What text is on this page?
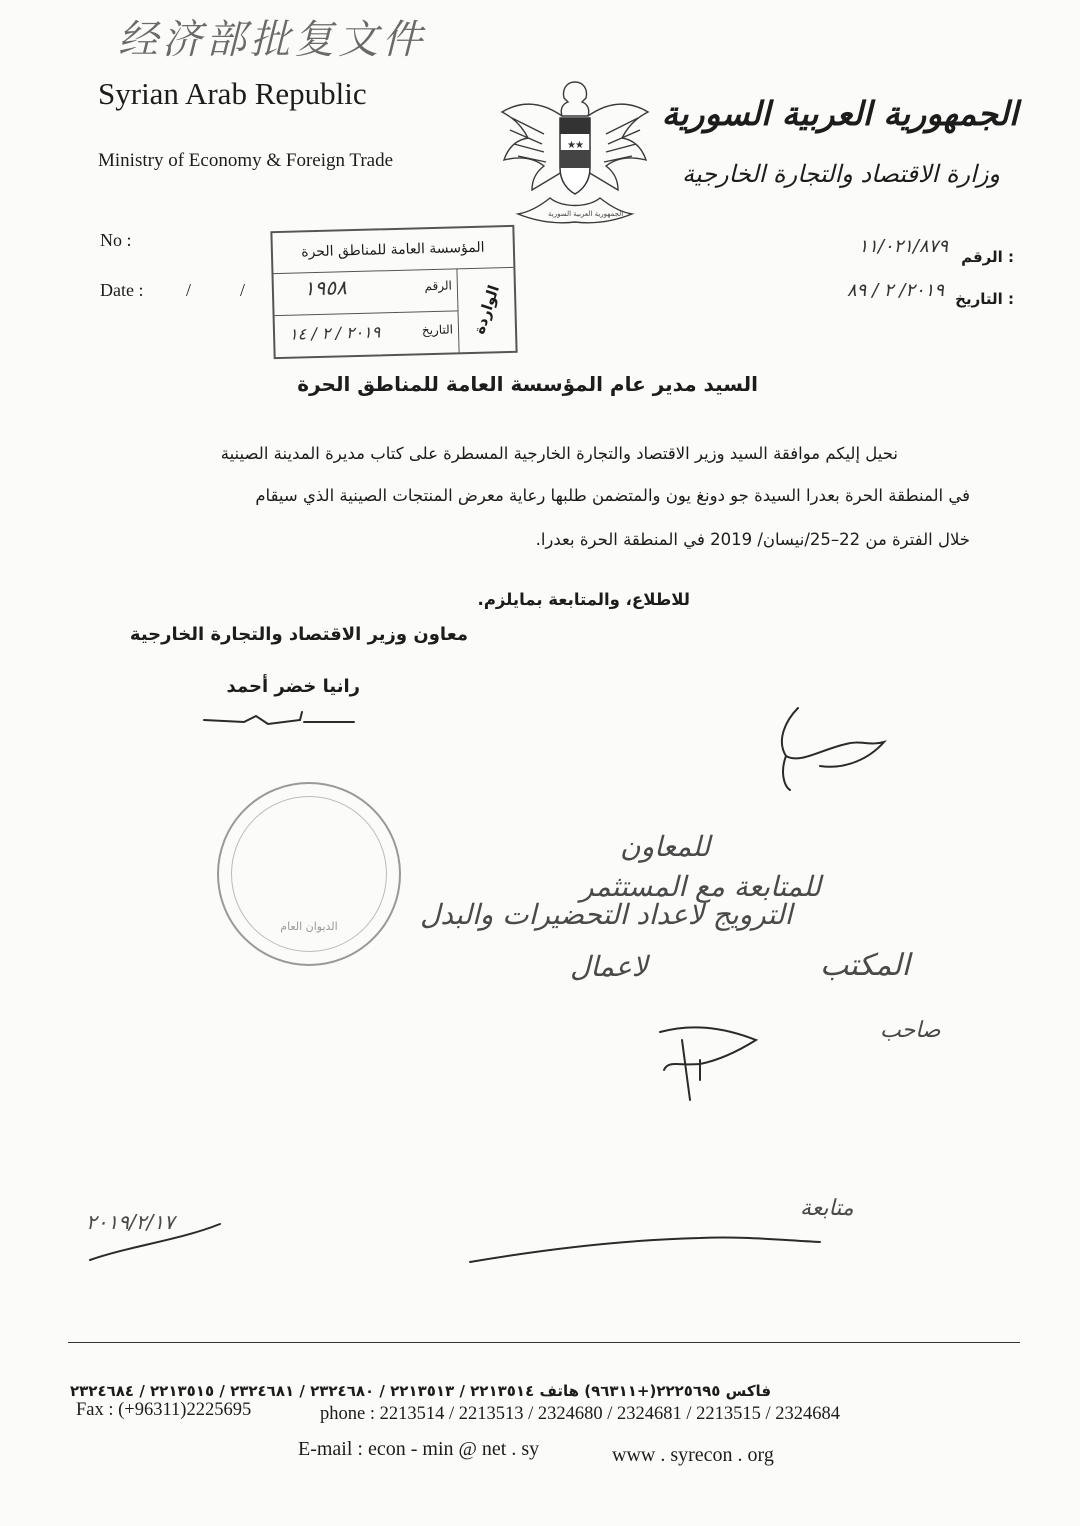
经济部批复文件
Syrian Arab Republic
Ministry of Economy & Foreign Trade
الجمهورية العربية السورية
وزارة الاقتصاد والتجارة الخارجية
★ ★
الجمهورية العربية السورية
No :
Date : /	/
: الرقم
١١/٠٢١/٨٧٩
: التاريخ
٢٠١٩/ ٢ / ٨٩
المؤسسة العامة للمناطق الحرة
الواردة
الرقم
١٩٥٨
التاريخ
٢٠١٩ / ٢ / ١٤
السيد مدير عام المؤسسة العامة للمناطق الحرة
نحيل إليكم موافقة السيد وزير الاقتصاد والتجارة الخارجية المسطرة على كتاب مديرة المدينة الصينية
في المنطقة الحرة بعدرا السيدة جو دونغ يون والمتضمن طلبها رعاية معرض المنتجات الصينية الذي سيقام
خلال الفترة من 22–25/نيسان/ 2019 في المنطقة الحرة بعدرا.
للاطلاع، والمتابعة بمايلزم.
معاون وزير الاقتصاد والتجارة الخارجية
رانيا خضر أحمد
الديوان العام
للمعاون
للمتابعة مع المستثمر
الترويج لاعداد التحضيرات والبدل
لاعمال	المكتب
صاحب
متابعة
٢٠١٩/٢/١٧
فاكس ٢٢٢٥٦٩٥(+٩٦٣١١) هاتف ٢٢١٣٥١٤ / ٢٢١٣٥١٣ / ٢٣٢٤٦٨٠ / ٢٣٢٤٦٨١ / ٢٢١٣٥١٥ / ٢٣٢٤٦٨٤
Fax : (+96311)2225695	phone : 2213514 / 2213513 / 2324680 / 2324681 / 2213515 / 2324684
E-mail : econ - min @ net . sy	www . syrecon . org
